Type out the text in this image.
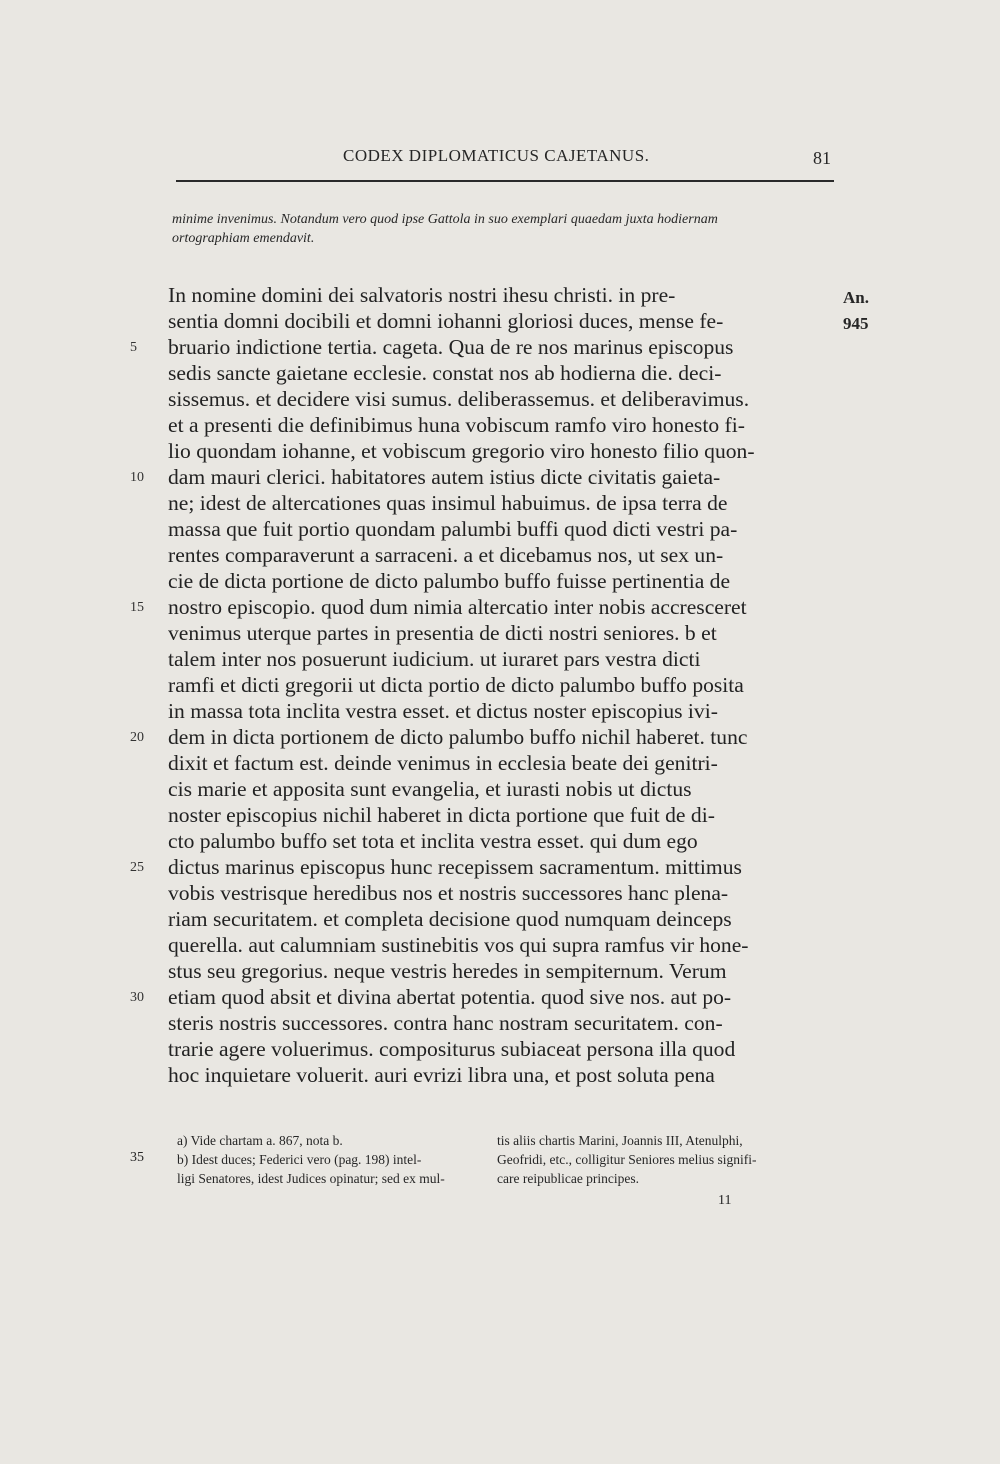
CODEX DIPLOMATICUS CAJETANUS.	81
minime invenimus. Notandum vero quod ipse Gattola in suo exemplari quaedam juxta hodiernam
ortographiam emendavit.
An.
945
5
10
15
20
25
30
In nomine domini dei salvatoris nostri ihesu christi. in pre-
sentia domni docibili et domni iohanni gloriosi duces, mense fe-
bruario indictione tertia. cageta. Qua de re nos marinus episcopus
sedis sancte gaietane ecclesie. constat nos ab hodierna die. deci-
sissemus. et decidere visi sumus. deliberassemus. et deliberavimus.
et a presenti die definibimus huna vobiscum ramfo viro honesto fi-
lio quondam iohanne, et vobiscum gregorio viro honesto filio quon-
dam mauri clerici. habitatores autem istius dicte civitatis gaieta-
ne; idest de altercationes quas insimul habuimus. de ipsa terra de
massa que fuit portio quondam palumbi buffi quod dicti vestri pa-
rentes comparaverunt a sarraceni. a et dicebamus nos, ut sex un-
cie de dicta portione de dicto palumbo buffo fuisse pertinentia de
nostro episcopio. quod dum nimia altercatio inter nobis accresceret
venimus uterque partes in presentia de dicti nostri seniores. b et
talem inter nos posuerunt iudicium. ut iuraret pars vestra dicti
ramfi et dicti gregorii ut dicta portio de dicto palumbo buffo posita
in massa tota inclita vestra esset. et dictus noster episcopius ivi-
dem in dicta portionem de dicto palumbo buffo nichil haberet. tunc
dixit et factum est. deinde venimus in ecclesia beate dei genitri-
cis marie et apposita sunt evangelia, et iurasti nobis ut dictus
noster episcopius nichil haberet in dicta portione que fuit de di-
cto palumbo buffo set tota et inclita vestra esset. qui dum ego
dictus marinus episcopus hunc recepissem sacramentum. mittimus
vobis vestrisque heredibus nos et nostris successores hanc plena-
riam securitatem. et completa decisione quod numquam deinceps
querella. aut calumniam sustinebitis vos qui supra ramfus vir hone-
stus seu gregorius. neque vestris heredes in sempiternum. Verum
etiam quod absit et divina abertat potentia. quod sive nos. aut po-
steris nostris successores. contra hanc nostram securitatem. con-
trarie agere voluerimus. compositurus subiaceat persona illa quod
hoc inquietare voluerit. auri evrizi libra una, et post soluta pena
a) Vide chartam a. 867, nota b.
b) Idest duces; Federici vero (pag. 198) intel-
ligi Senatores, idest Judices opinatur; sed ex mul-
tis aliis chartis Marini, Joannis III, Atenulphi,
Geofridi, etc., colligitur Seniores melius signifi-
care reipublicae principes.
35
11
